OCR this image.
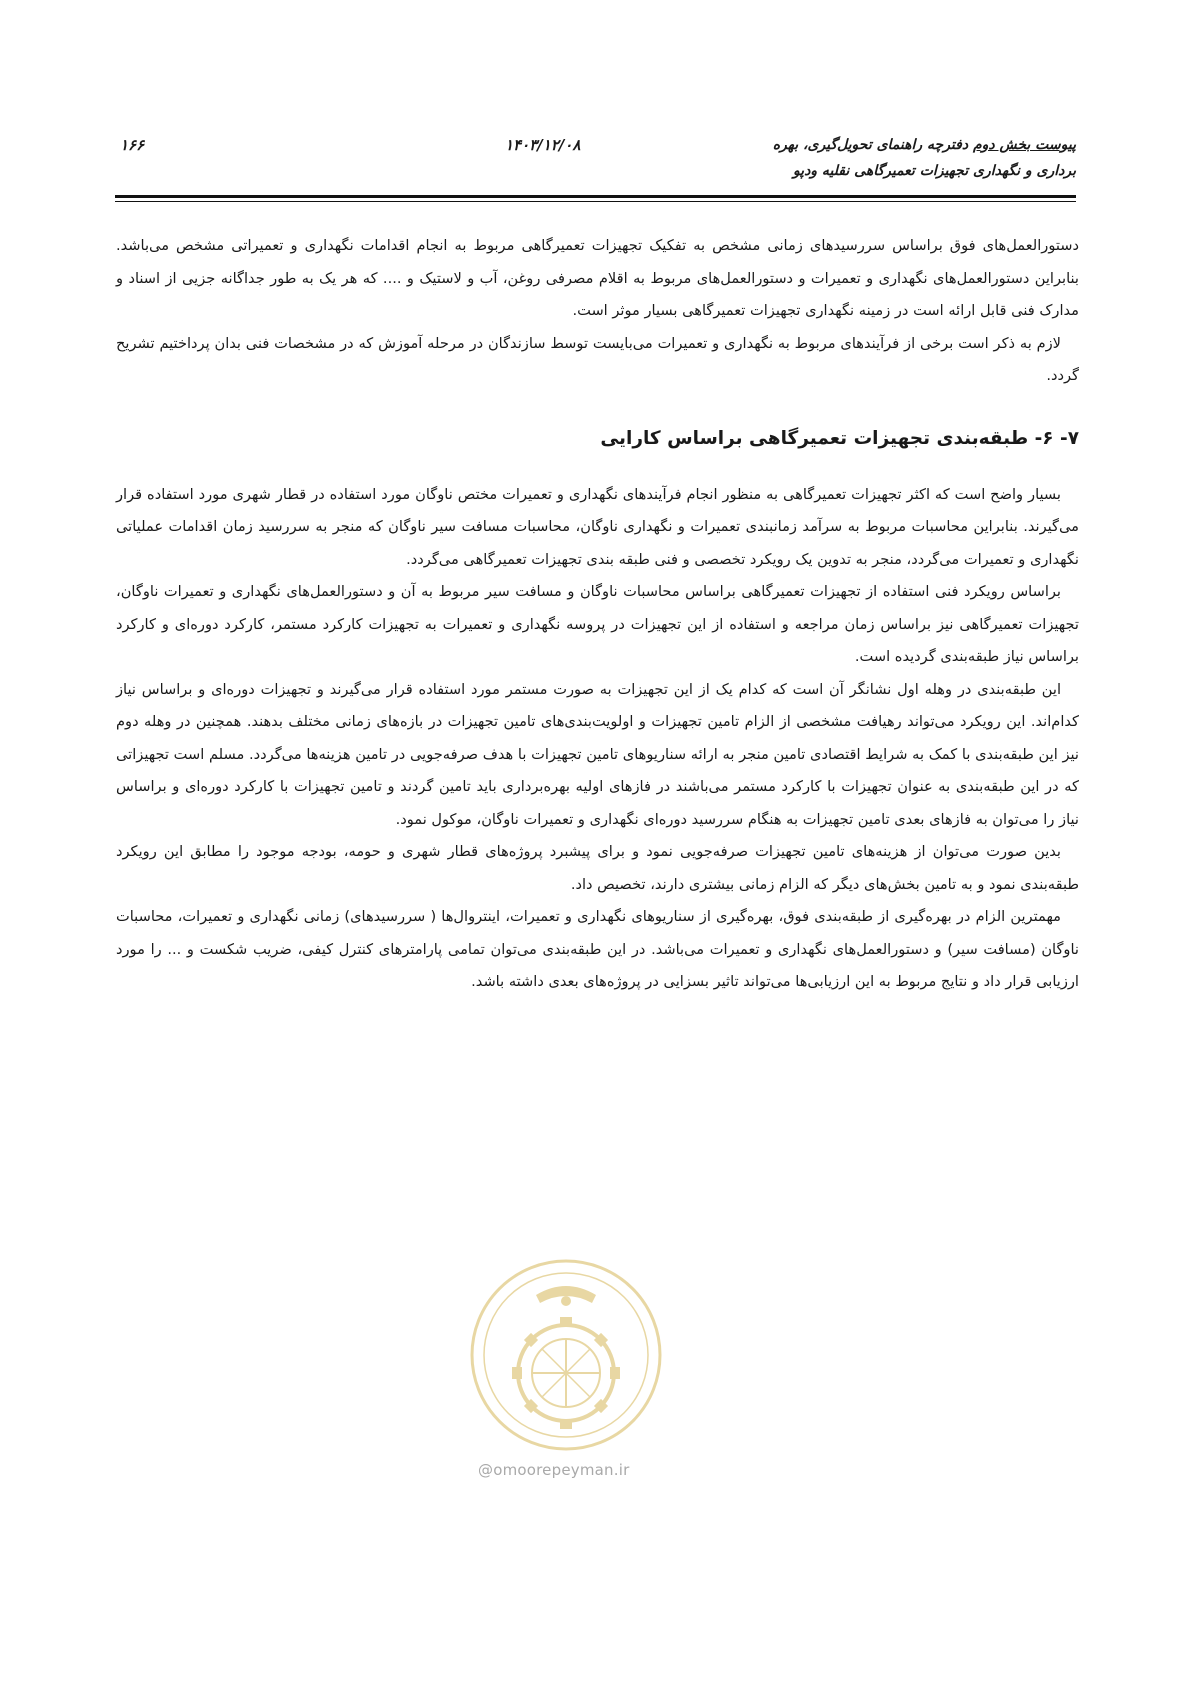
پیوست بخش دوم دفترچه راهنمای تحویل‌گیری، بهره
برداری و نگهداری تجهیزات تعمیرگاهی نقلیه ودپو
۱۴۰۳/۱۲/۰۸
۱۶۶

دستورالعمل‌های فوق براساس سررسیدهای زمانی مشخص به تفکیک تجهیزات تعمیرگاهی مربوط به انجام اقدامات نگهداری و تعمیراتی مشخص می‌باشد. بنابراین دستورالعمل‌های نگهداری و تعمیرات و دستورالعمل‌های مربوط به اقلام مصرفی روغن، آب و لاستیک و .... که هر یک به طور جداگانه جزیی از اسناد و مدارک فنی قابل ارائه است در زمینه نگهداری تجهیزات تعمیرگاهی بسیار موثر است.

لازم به ذکر است برخی از فرآیندهای مربوط به نگهداری و تعمیرات می‌بایست توسط سازندگان در مرحله آموزش که در مشخصات فنی بدان پرداختیم تشریح گردد.

۷- ۶- طبقه‌بندی تجهیزات تعمیرگاهی براساس کارایی

بسیار واضح است که اکثر تجهیزات تعمیرگاهی به منظور انجام فرآیندهای نگهداری و تعمیرات مختص ناوگان مورد استفاده در قطار شهری مورد استفاده قرار می‌گیرند. بنابراین محاسبات مربوط به سرآمد زمانبندی تعمیرات و نگهداری ناوگان، محاسبات مسافت سیر ناوگان که منجر به سررسید زمان اقدامات عملیاتی نگهداری و تعمیرات می‌گردد، منجر به تدوین یک رویکرد تخصصی و فنی طبقه بندی تجهیزات تعمیرگاهی می‌گردد.

براساس رویکرد فنی استفاده از تجهیزات تعمیرگاهی براساس محاسبات ناوگان و مسافت سیر مربوط به آن و دستورالعمل‌های نگهداری و تعمیرات ناوگان، تجهیزات تعمیرگاهی نیز براساس زمان مراجعه و استفاده از این تجهیزات در پروسه نگهداری و تعمیرات به تجهیزات کارکرد مستمر، کارکرد دوره‌ای و کارکرد براساس نیاز طبقه‌بندی گردیده است.

این طبقه‌بندی در وهله اول نشانگر آن است که کدام یک از این تجهیزات به صورت مستمر مورد استفاده قرار می‌گیرند و تجهیزات دوره‌ای و براساس نیاز کدام‌اند. این رویکرد می‌تواند رهیافت مشخصی از الزام تامین تجهیزات و اولویت‌بندی‌های تامین تجهیزات در بازه‌های زمانی مختلف بدهند. همچنین در وهله دوم نیز این طبقه‌بندی با کمک به شرایط اقتصادی تامین منجر به ارائه سناریوهای تامین تجهیزات با هدف صرفه‌جویی در تامین هزینه‌ها می‌گردد. مسلم است تجهیزاتی که در این طبقه‌بندی به عنوان تجهیزات با کارکرد مستمر می‌باشند در فازهای اولیه بهره‌برداری باید تامین گردند و تامین تجهیزات با کارکرد دوره‌ای و براساس نیاز را می‌توان به فازهای بعدی تامین تجهیزات به هنگام سررسید دوره‌ای نگهداری و تعمیرات ناوگان، موکول نمود.

بدین صورت می‌توان از هزینه‌های تامین تجهیزات صرفه‌جویی نمود و برای پیشبرد پروژه‌های قطار شهری و حومه، بودجه موجود را مطابق این رویکرد طبقه‌بندی نمود و به تامین بخش‌های دیگر که الزام زمانی بیشتری دارند، تخصیص داد.

مهمترین الزام در بهره‌گیری از طبقه‌بندی فوق، بهره‌گیری از سناریوهای نگهداری و تعمیرات، اینتروال‌ها ( سررسیدهای) زمانی نگهداری و تعمیرات، محاسبات ناوگان (مسافت سیر) و دستورالعمل‌های نگهداری و تعمیرات می‌باشد. در این طبقه‌بندی می‌توان تمامی پارامترهای کنترل کیفی، ضریب شکست و ... را مورد ارزیابی قرار داد و نتایج مربوط به این ارزیابی‌ها می‌تواند تاثیر بسزایی در پروژه‌های بعدی داشته باشد.

@omoorepeyman.ir
